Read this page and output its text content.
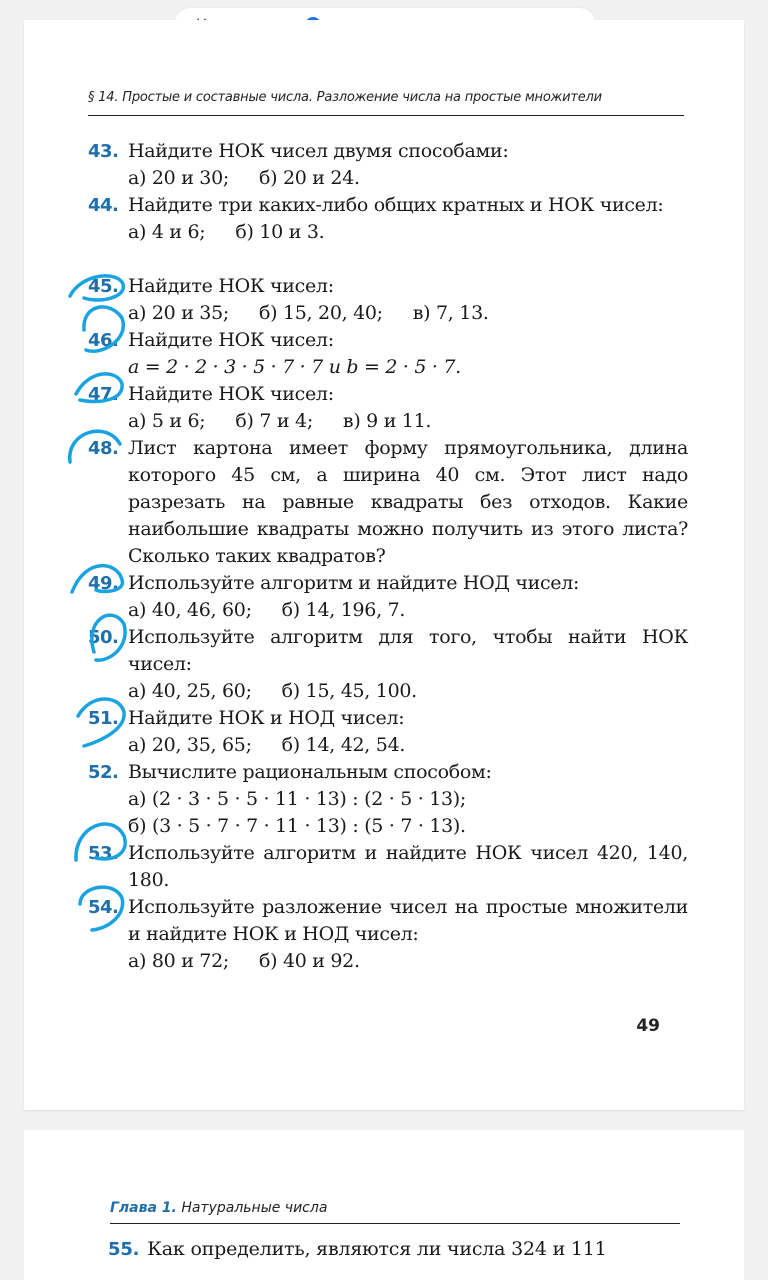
§ 14. Простые и составные числа. Разложение числа на простые множители
43. Найдите НОК чисел двумя способами:
а) 20 и 30; б) 20 и 24.
44. Найдите три каких-либо общих кратных и НОК чисел:
а) 4 и 6; б) 10 и 3.
45. Найдите НОК чисел:
а) 20 и 35; б) 15, 20, 40; в) 7, 13.
46. Найдите НОК чисел:
a = 2 · 2 · 3 · 5 · 7 · 7 и b = 2 · 5 · 7.
47. Найдите НОК чисел:
а) 5 и 6; б) 7 и 4; в) 9 и 11.
48. Лист картона имеет форму прямоугольника, длина которого 45 см, а ширина 40 см. Этот лист надо разрезать на равные квадраты без отходов. Какие наибольшие квадраты можно получить из этого листа? Сколько таких квадратов?
49. Используйте алгоритм и найдите НОД чисел:
а) 40, 46, 60; б) 14, 196, 7.
50. Используйте алгоритм для того, чтобы найти НОК чисел:
а) 40, 25, 60; б) 15, 45, 100.
51. Найдите НОК и НОД чисел:
а) 20, 35, 65; б) 14, 42, 54.
52. Вычислите рациональным способом:
а) (2 · 3 · 5 · 5 · 11 · 13) : (2 · 5 · 13);
б) (3 · 5 · 7 · 7 · 11 · 13) : (5 · 7 · 13).
53. Используйте алгоритм и найдите НОК чисел 420, 140, 180.
54. Используйте разложение чисел на простые множители и найдите НОК и НОД чисел:
а) 80 и 72; б) 40 и 92.
49
Глава 1. Натуральные числа
55. Как определить, являются ли числа 324 и 111
